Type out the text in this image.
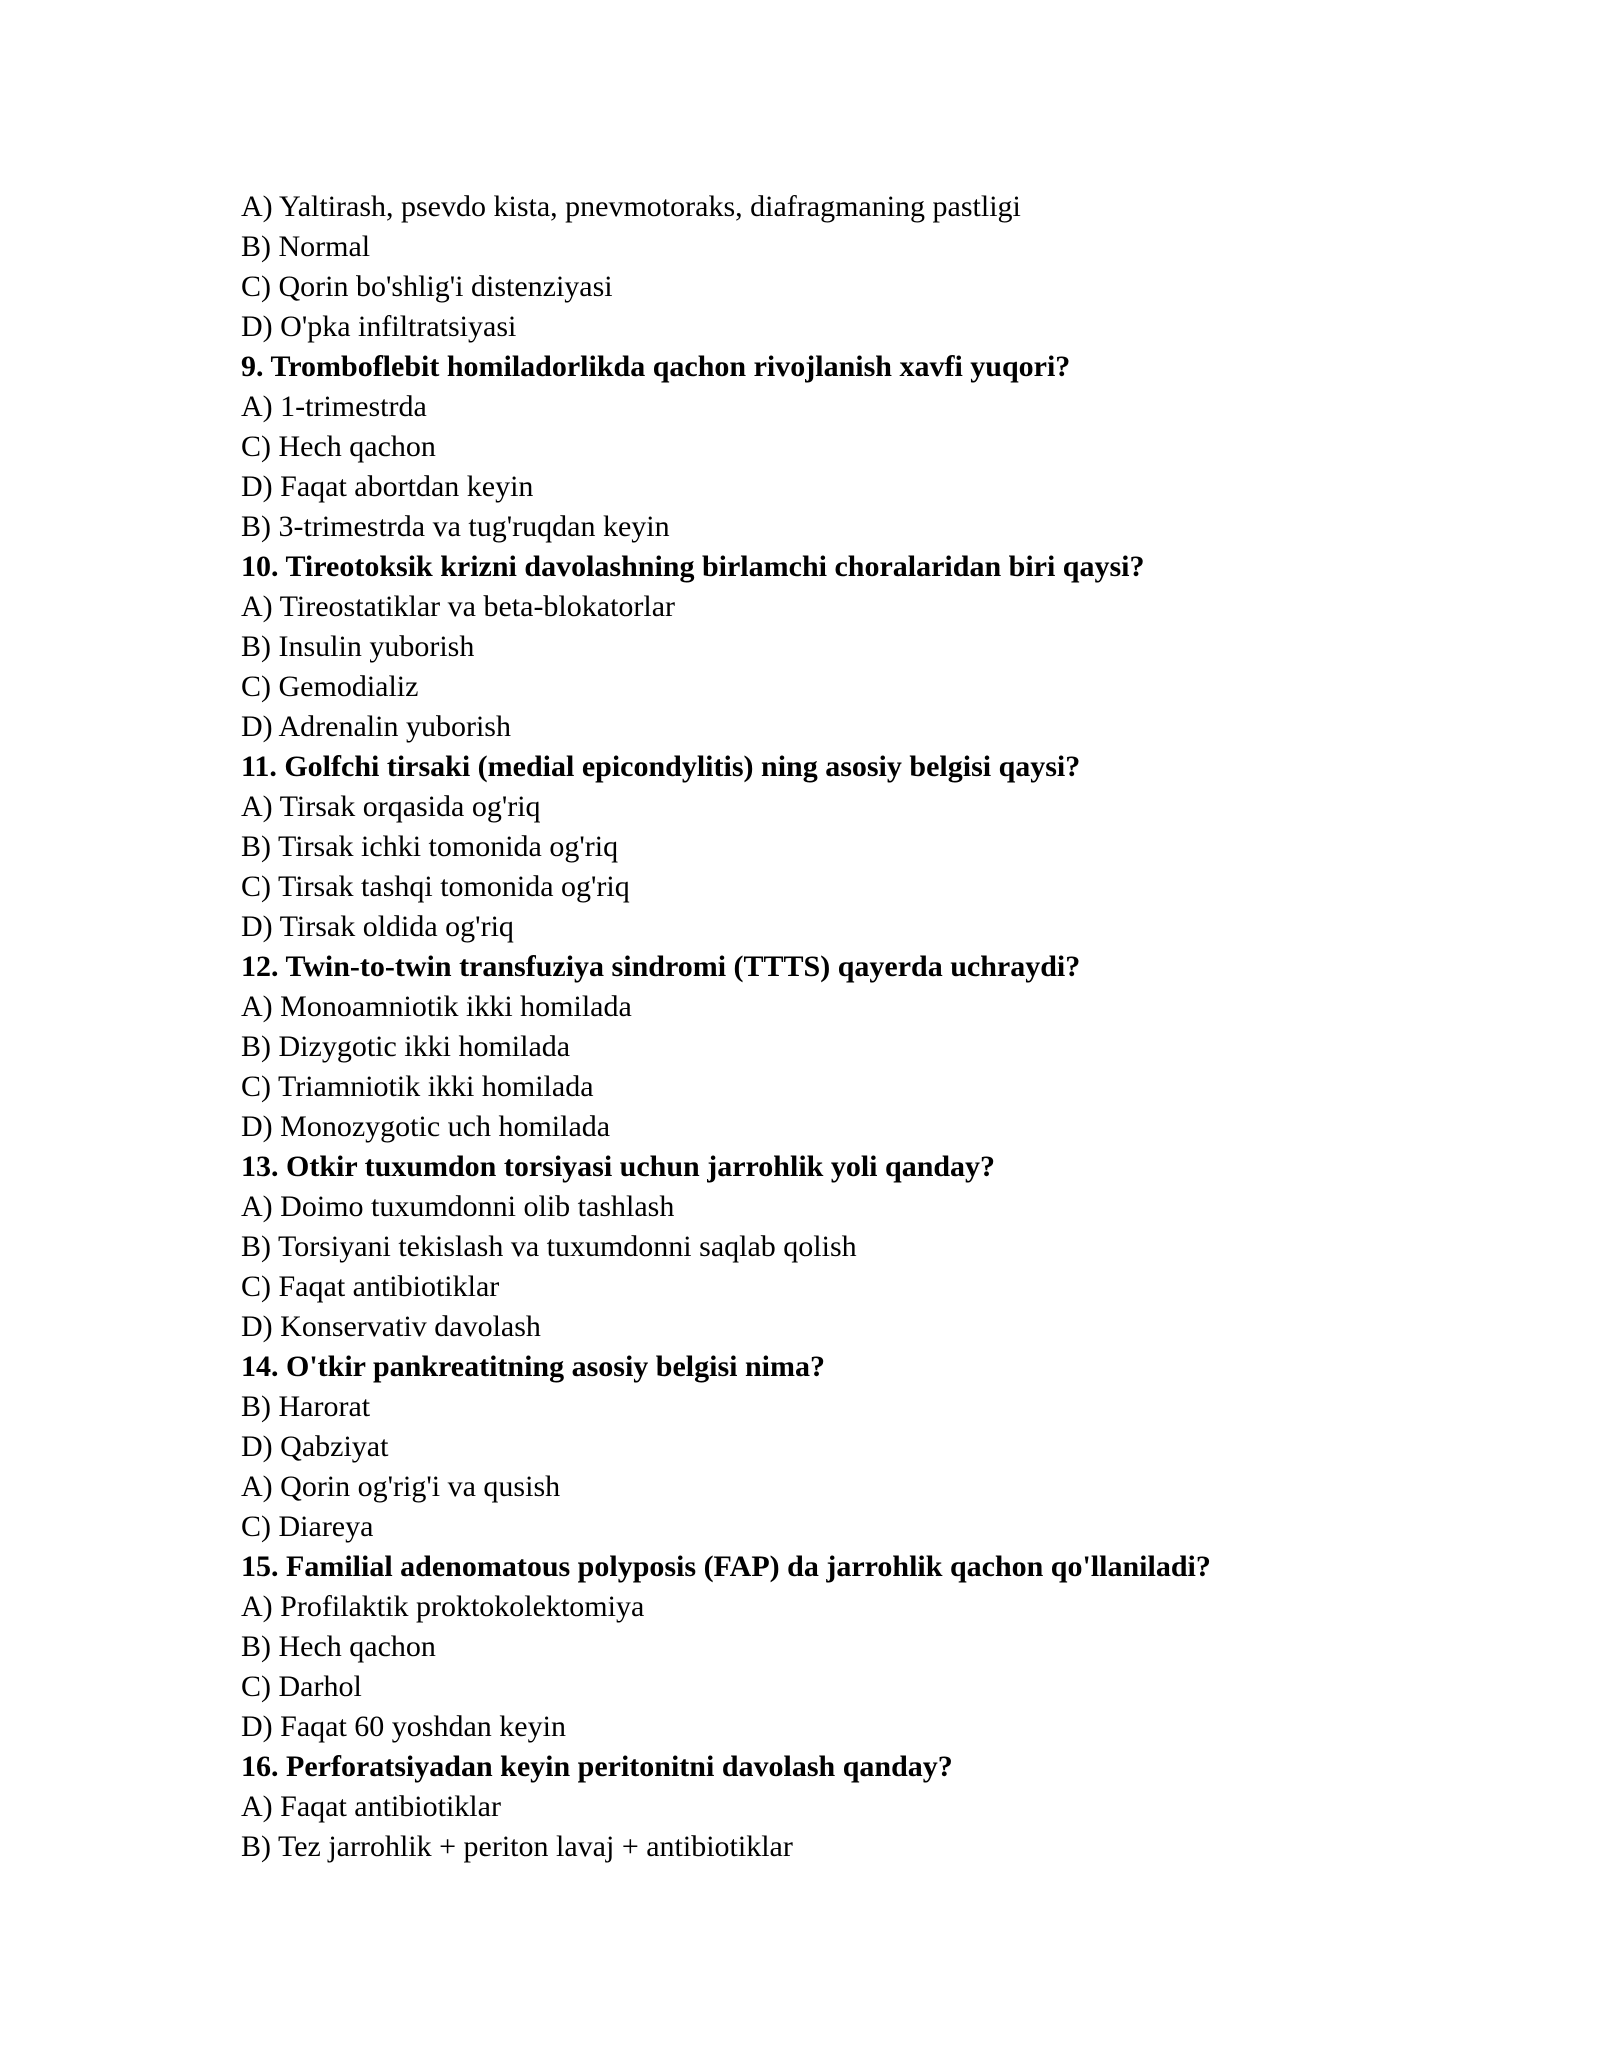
A) Yaltirash, psevdo kista, pnevmotoraks, diafragmaning pastligi
B) Normal
C) Qorin bo'shlig'i distenziyasi
D) O'pka infiltratsiyasi
9. Tromboflebit homiladorlikda qachon rivojlanish xavfi yuqori?
A) 1-trimestrda
C) Hech qachon
D) Faqat abortdan keyin
B) 3-trimestrda va tug'ruqdan keyin
10. Tireotoksik krizni davolashning birlamchi choralaridan biri qaysi?
A) Tireostatiklar va beta-blokatorlar
B) Insulin yuborish
C) Gemodializ
D) Adrenalin yuborish
11. Golfchi tirsaki (medial epicondylitis) ning asosiy belgisi qaysi?
A) Tirsak orqasida og'riq
B) Tirsak ichki tomonida og'riq
C) Tirsak tashqi tomonida og'riq
D) Tirsak oldida og'riq
12. Twin-to-twin transfuziya sindromi (TTTS) qayerda uchraydi?
A) Monoamniotik ikki homilada
B) Dizygotic ikki homilada
C) Triamniotik ikki homilada
D) Monozygotic uch homilada
13. Otkir tuxumdon torsiyasi uchun jarrohlik yoli qanday?
A) Doimo tuxumdonni olib tashlash
B) Torsiyani tekislash va tuxumdonni saqlab qolish
C) Faqat antibiotiklar
D) Konservativ davolash
14. O'tkir pankreatitning asosiy belgisi nima?
B) Harorat
D) Qabziyat
A) Qorin og'rig'i va qusish
C) Diareya
15. Familial adenomatous polyposis (FAP) da jarrohlik qachon qo'llaniladi?
A) Profilaktik proktokolektomiya
B) Hech qachon
C) Darhol
D) Faqat 60 yoshdan keyin
16. Perforatsiyadan keyin peritonitni davolash qanday?
A) Faqat antibiotiklar
B) Tez jarrohlik + periton lavaj + antibiotiklar
